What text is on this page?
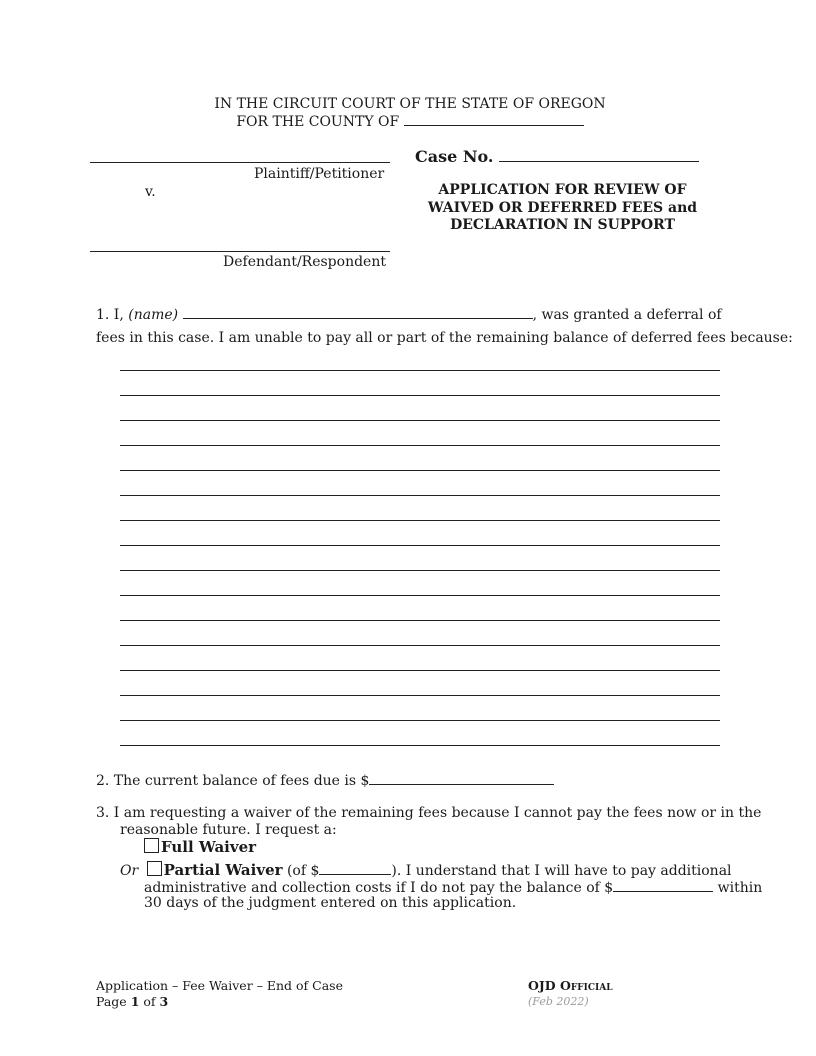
IN THE CIRCUIT COURT OF THE STATE OF OREGON
FOR THE COUNTY OF
Plaintiff/Petitioner
v.
Defendant/Respondent
Case No.
APPLICATION FOR REVIEW OF
WAIVED OR DEFERRED FEES and
DECLARATION IN SUPPORT
1. I, (name)	, was granted a deferral of
fees in this case. I am unable to pay all or part of the remaining balance of deferred fees because:
2. The current balance of fees due is $
3. I am requesting a waiver of the remaining fees because I cannot pay the fees now or in the
reasonable future. I request a:
Full Waiver
Or Partial Waiver (of $	). I understand that I will have to pay additional
administrative and collection costs if I do not pay the balance of $	within
30 days of the judgment entered on this application.
Application – Fee Waiver – End of Case
Page 1 of 3
OJD Official
(Feb 2022)
